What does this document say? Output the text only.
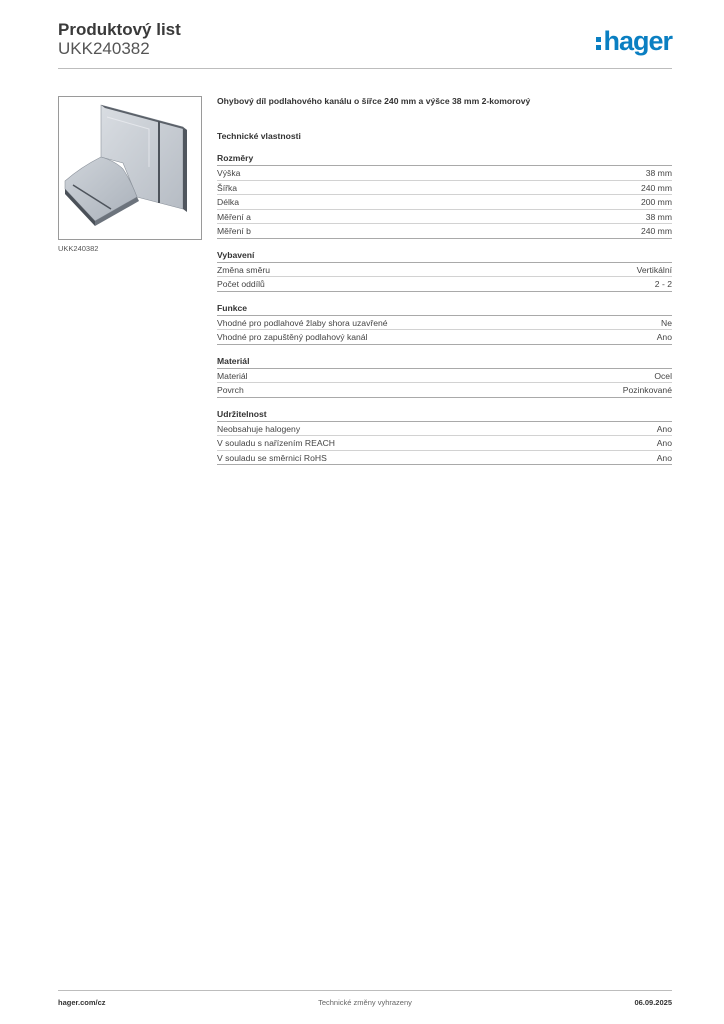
Produktový list
UKK240382	hager
UKK240382
Ohybový díl podlahového kanálu o šířce 240 mm a výšce 38 mm 2-komorový
Technické vlastnosti
Rozměry
Výška	38 mm
Šířka	240 mm
Délka	200 mm
Měření a	38 mm
Měření b	240 mm
Vybavení
Změna směru	Vertikální
Počet oddílů	2 - 2
Funkce
Vhodné pro podlahové žlaby shora uzavřené	Ne
Vhodné pro zapuštěný podlahový kanál	Ano
Materiál
Materiál	Ocel
Povrch	Pozinkované
Udržitelnost
Neobsahuje halogeny	Ano
V souladu s nařízením REACH	Ano
V souladu se směrnicí RoHS	Ano
hager.com/cz	Technické změny vyhrazeny	06.09.2025
